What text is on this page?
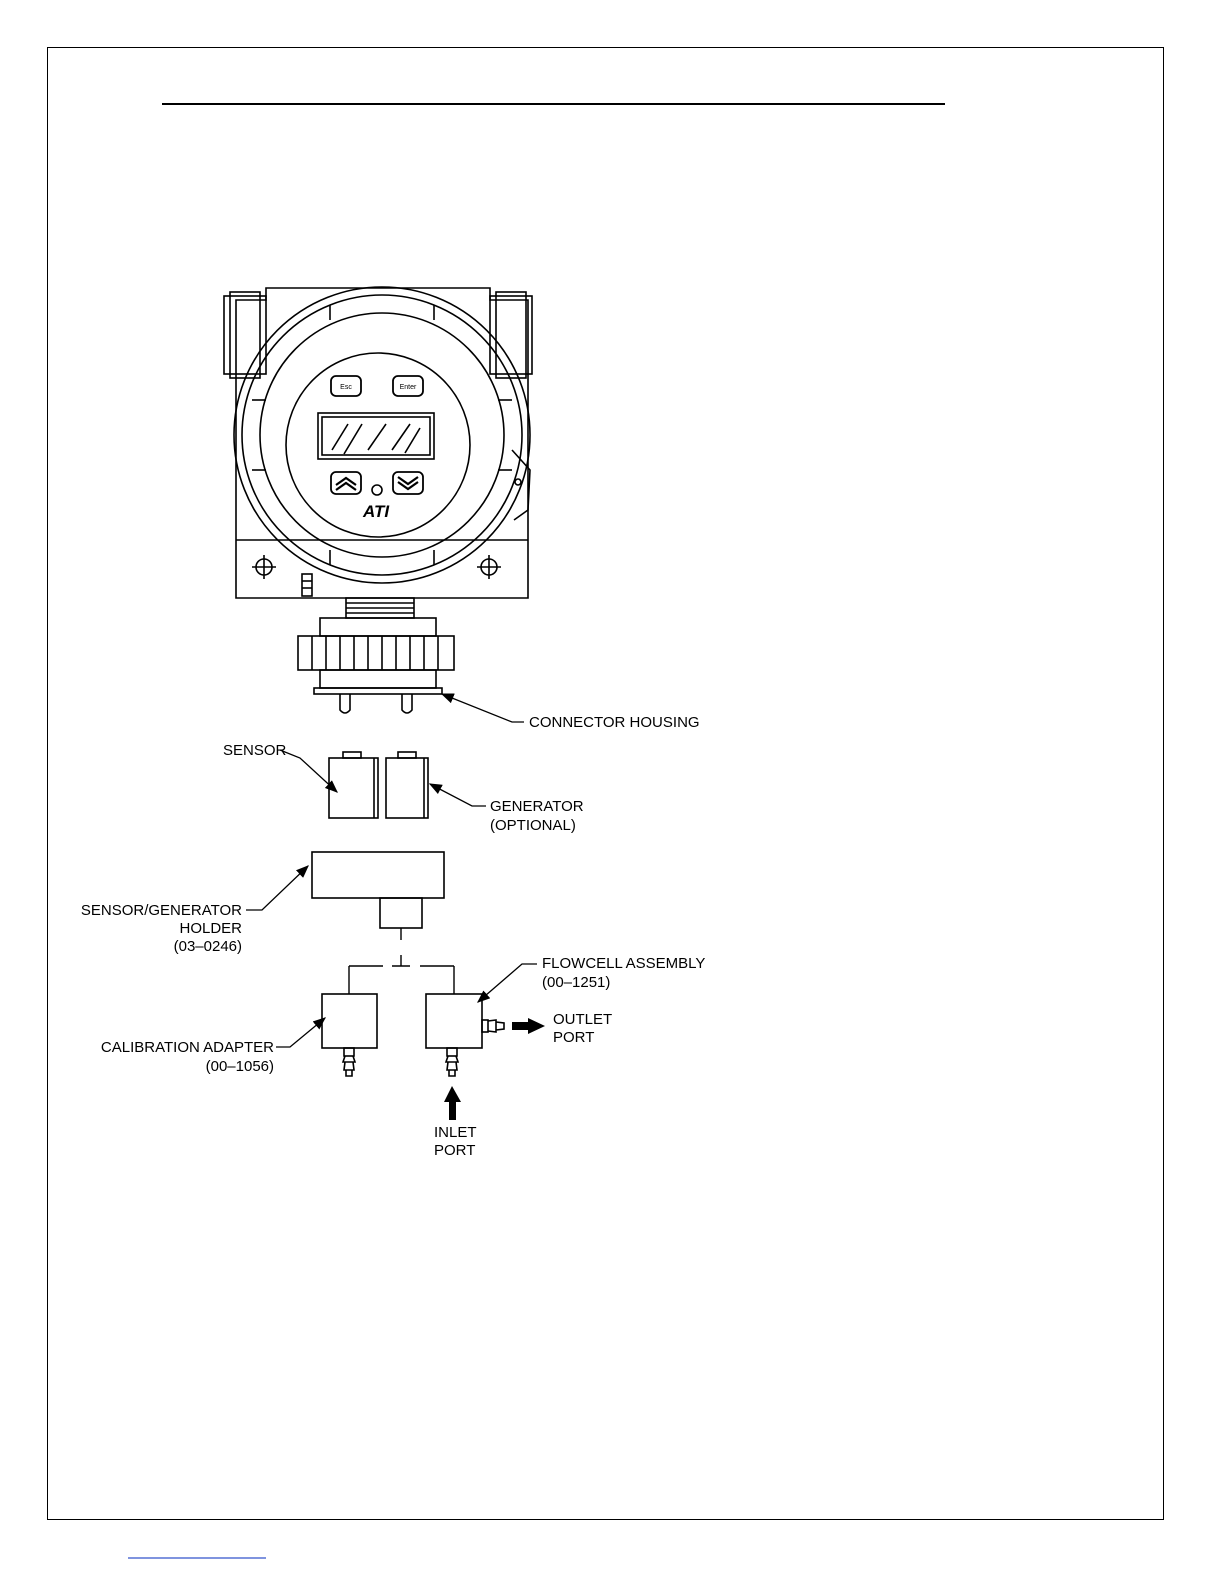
Esc	Enter
ATI
CONNECTOR HOUSING
SENSOR
GENERATOR
(OPTIONAL)
SENSOR/GENERATOR
HOLDER
(03–0246)
FLOWCELL ASSEMBLY
(00–1251)
CALIBRATION ADAPTER
(00–1056)
OUTLET
PORT
INLET
PORT
